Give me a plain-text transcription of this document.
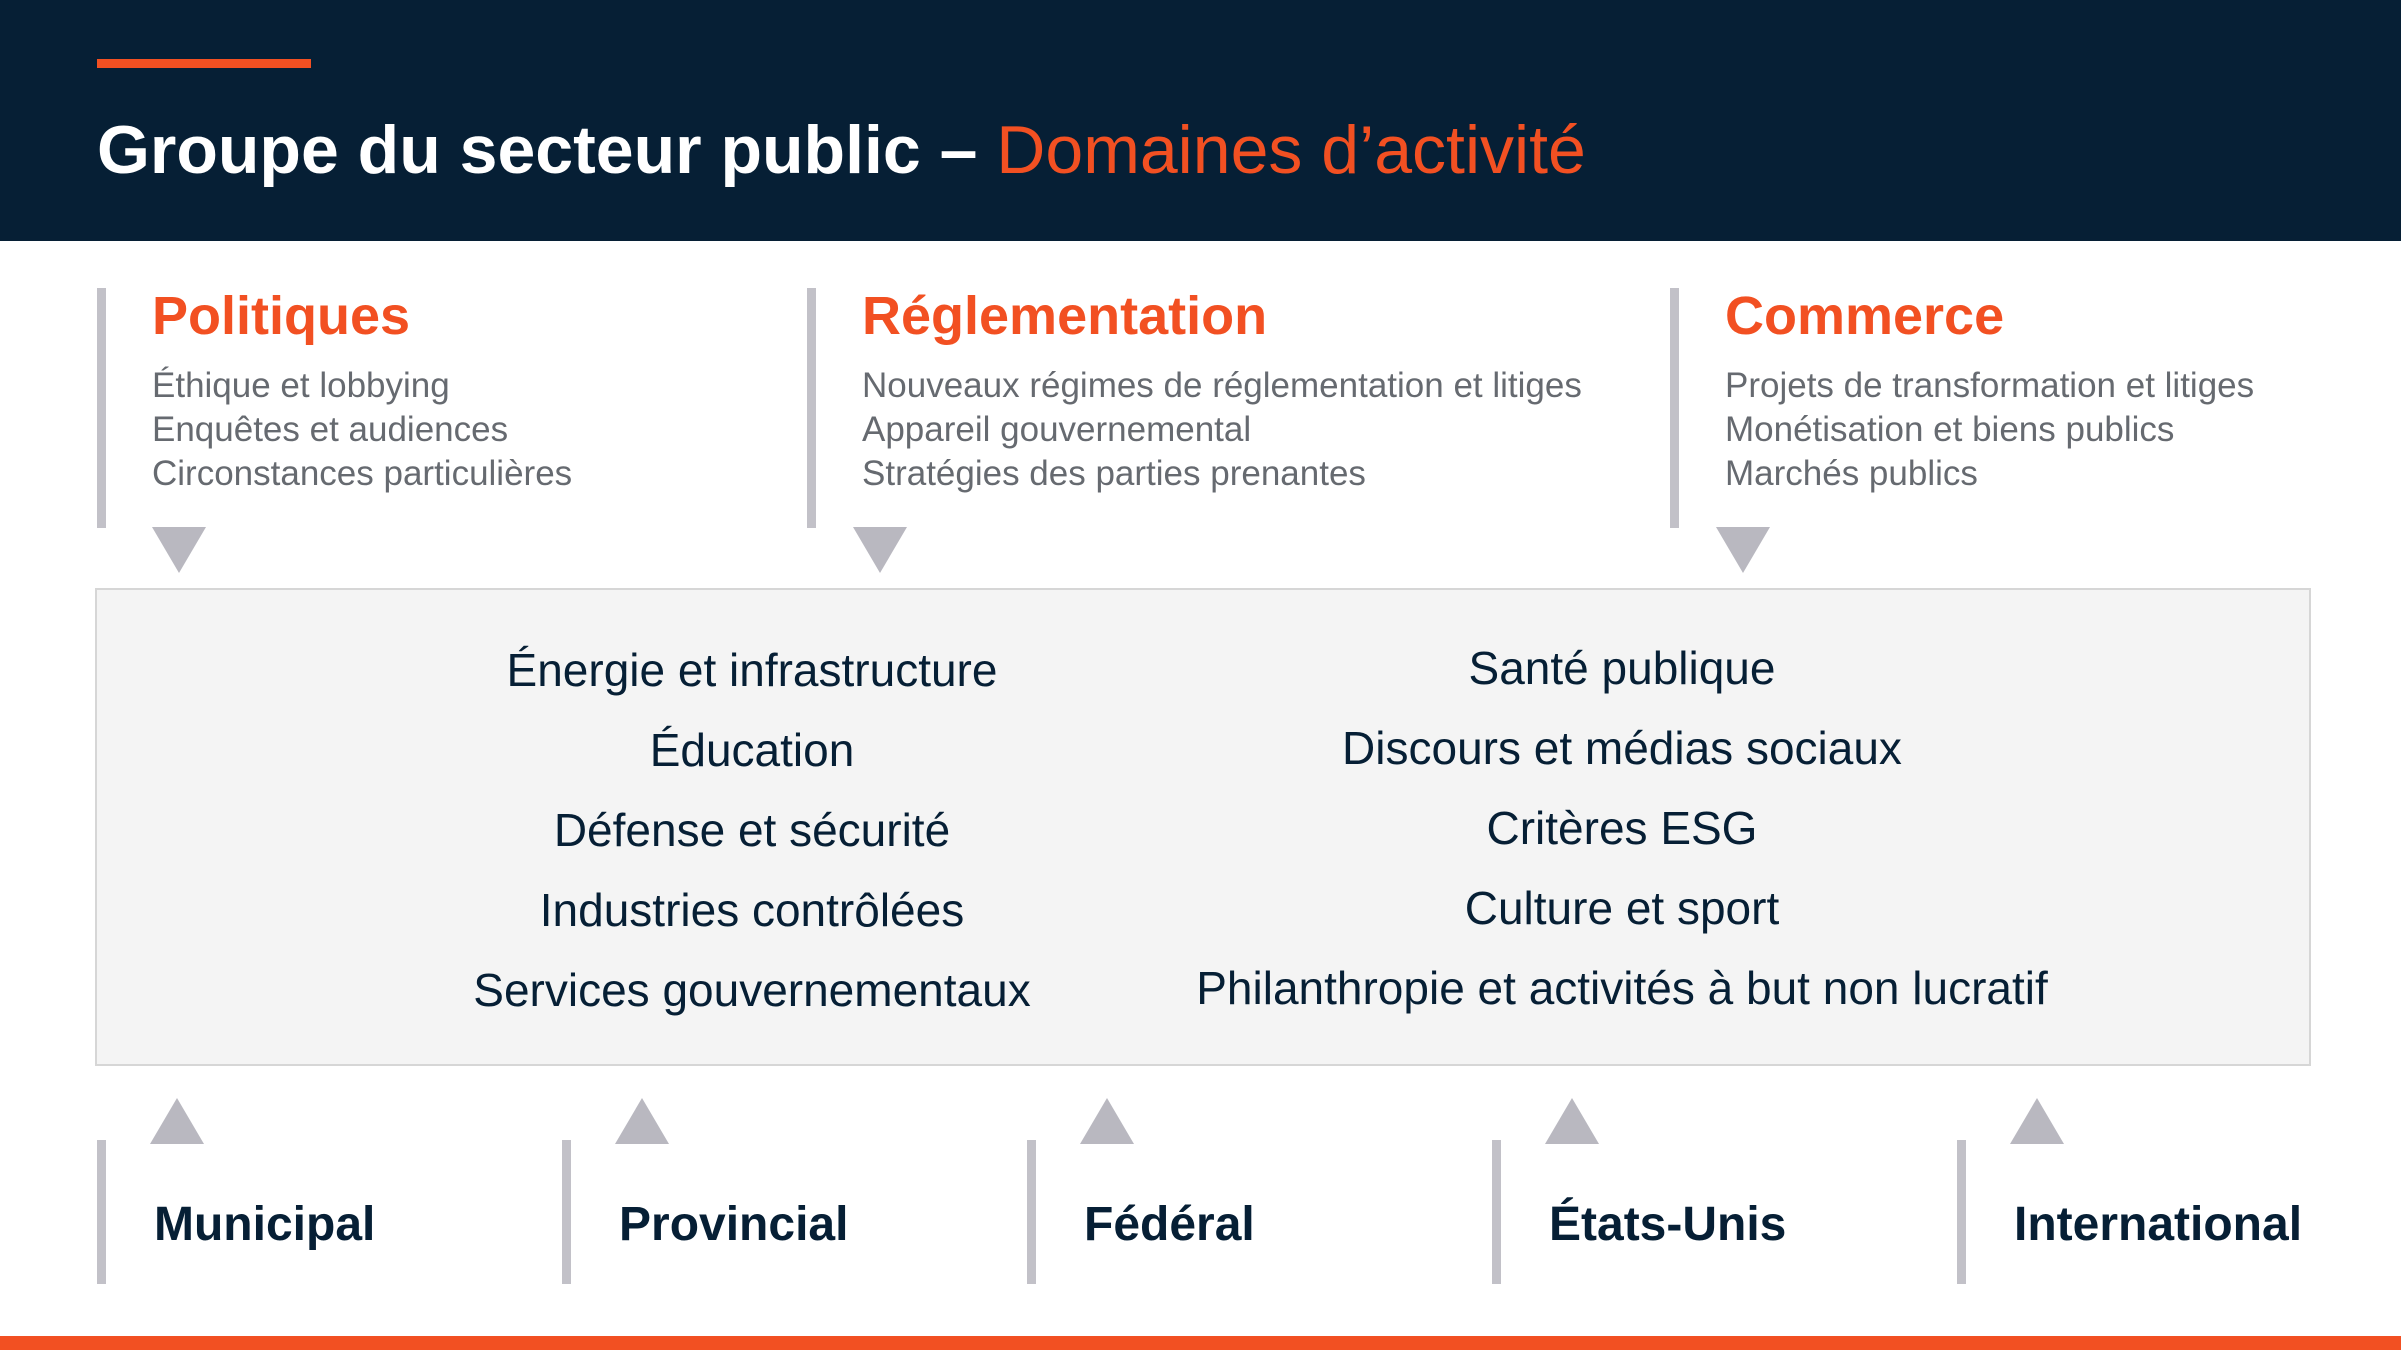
Groupe du secteur public – Domaines d’activité
Politiques
Éthique et lobbying
Enquêtes et audiences
Circonstances particulières
Réglementation
Nouveaux régimes de réglementation et litiges
Appareil gouvernemental
Stratégies des parties prenantes
Commerce
Projets de transformation et litiges
Monétisation et biens publics
Marchés publics
Énergie et infrastructure
Éducation
Défense et sécurité
Industries contrôlées
Services gouvernementaux
Santé publique
Discours et médias sociaux
Critères ESG
Culture et sport
Philanthropie et activités à but non lucratif
Municipal	Provincial	Fédéral	États-Unis	International
